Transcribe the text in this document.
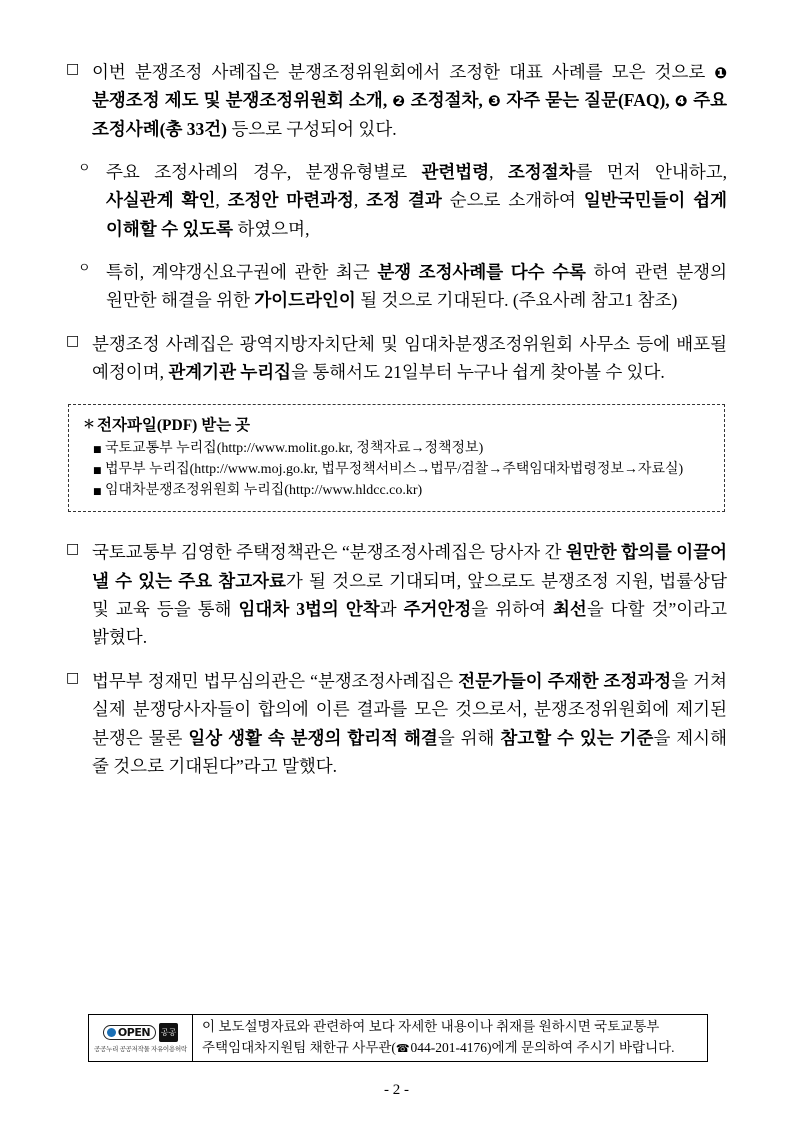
□ 이번 분쟁조정 사례집은 분쟁조정위원회에서 조정한 대표 사례를 모은 것으로 ❶ 분쟁조정 제도 및 분쟁조정위원회 소개, ❷ 조정절차, ❸ 자주 묻는 질문(FAQ), ❹ 주요 조정사례(총 33건) 등으로 구성되어 있다.
ㅇ 주요 조정사례의 경우, 분쟁유형별로 관련법령, 조정절차를 먼저 안내하고, 사실관계 확인, 조정안 마련과정, 조정 결과 순으로 소개하여 일반국민들이 쉽게 이해할 수 있도록 하였으며,
ㅇ 특히, 계약갱신요구권에 관한 최근 분쟁 조정사례를 다수 수록 하여 관련 분쟁의 원만한 해결을 위한 가이드라인이 될 것으로 기대된다. (주요사례 참고1 참조)
□ 분쟁조정 사례집은 광역지방자치단체 및 임대차분쟁조정위원회 사무소 등에 배포될 예정이며, 관계기관 누리집을 통해서도 21일부터 누구나 쉽게 찾아볼 수 있다.
＊ 전자파일(PDF) 받는 곳
■ 국토교통부 누리집(http://www.molit.go.kr, 정책자료→정책정보)
■ 법무부 누리집(http://www.moj.go.kr, 법무정책서비스→법무/검찰→주택임대차법령정보→자료실)
■ 임대차분쟁조정위원회 누리집(http://www.hldcc.co.kr)
□ 국토교통부 김영한 주택정책관은 “분쟁조정사례집은 당사자 간 원만한 합의를 이끌어 낼 수 있는 주요 참고자료가 될 것으로 기대되며, 앞으로도 분쟁조정 지원, 법률상담 및 교육 등을 통해 임대차 3법의 안착과 주거안정을 위하여 최선을 다할 것”이라고 밝혔다.
□ 법무부 정재민 법무심의관은 “분쟁조정사례집은 전문가들이 주재한 조정과정을 거쳐 실제 분쟁당사자들이 합의에 이른 결과를 모은 것으로서, 분쟁조정위원회에 제기된 분쟁은 물론 일상 생활 속 분쟁의 합리적 해결을 위해 참고할 수 있는 기준을 제시해 줄 것으로 기대된다”라고 말했다.
OPEN 공공
공공누리 공공저작물 자유이용허락
이 보도설명자료와 관련하여 보다 자세한 내용이나 취재를 원하시면 국토교통부
주택임대차지원팀 채한규 사무관( ☎ 044-201-4176 )에게 문의하여 주시기 바랍니다.
- 2 -
